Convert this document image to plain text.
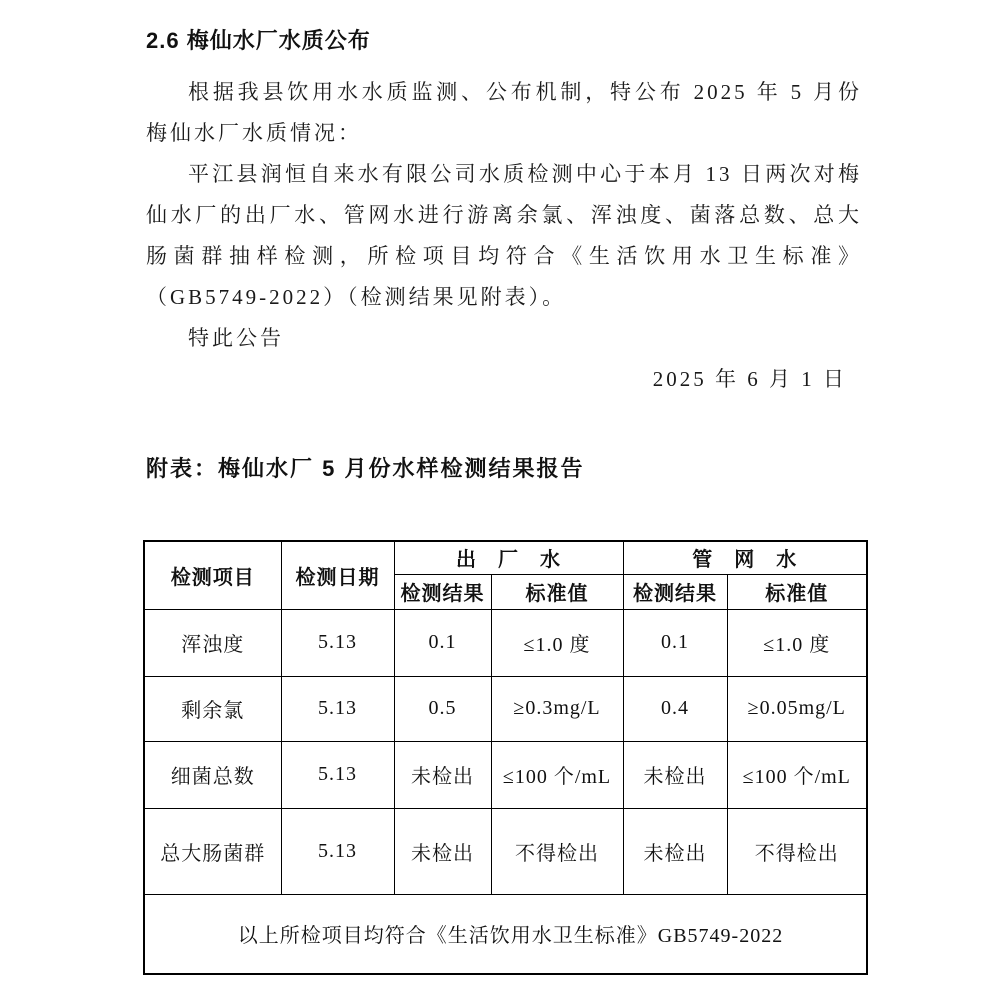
2.6 梅仙水厂水质公布

根据我县饮用水水质监测、公布机制，特公布 2025 年 5 月份梅仙水厂水质情况：

平江县润恒自来水有限公司水质检测中心于本月 13 日两次对梅仙水厂的出厂水、管网水进行游离余氯、浑浊度、菌落总数、总大肠菌群抽样检测，所检项目均符合《生活饮用水卫生标准》（GB5749-2022）（检测结果见附表）。

特此公告

2025 年 6 月 1 日

附表：梅仙水厂 5 月份水样检测结果报告
检测项目	检测日期	出　厂　水		管　网　水	
		检测结果	标准值	检测结果	标准值
浑浊度	5.13	0.1	≤1.0 度	0.1	≤1.0 度
剩余氯	5.13	0.5	≥0.3mg/L	0.4	≥0.05mg/L
细菌总数	5.13	未检出	≤100 个/mL	未检出	≤100 个/mL
总大肠菌群	5.13	未检出	不得检出	未检出	不得检出
以上所检项目均符合《生活饮用水卫生标准》GB5749-2022					
